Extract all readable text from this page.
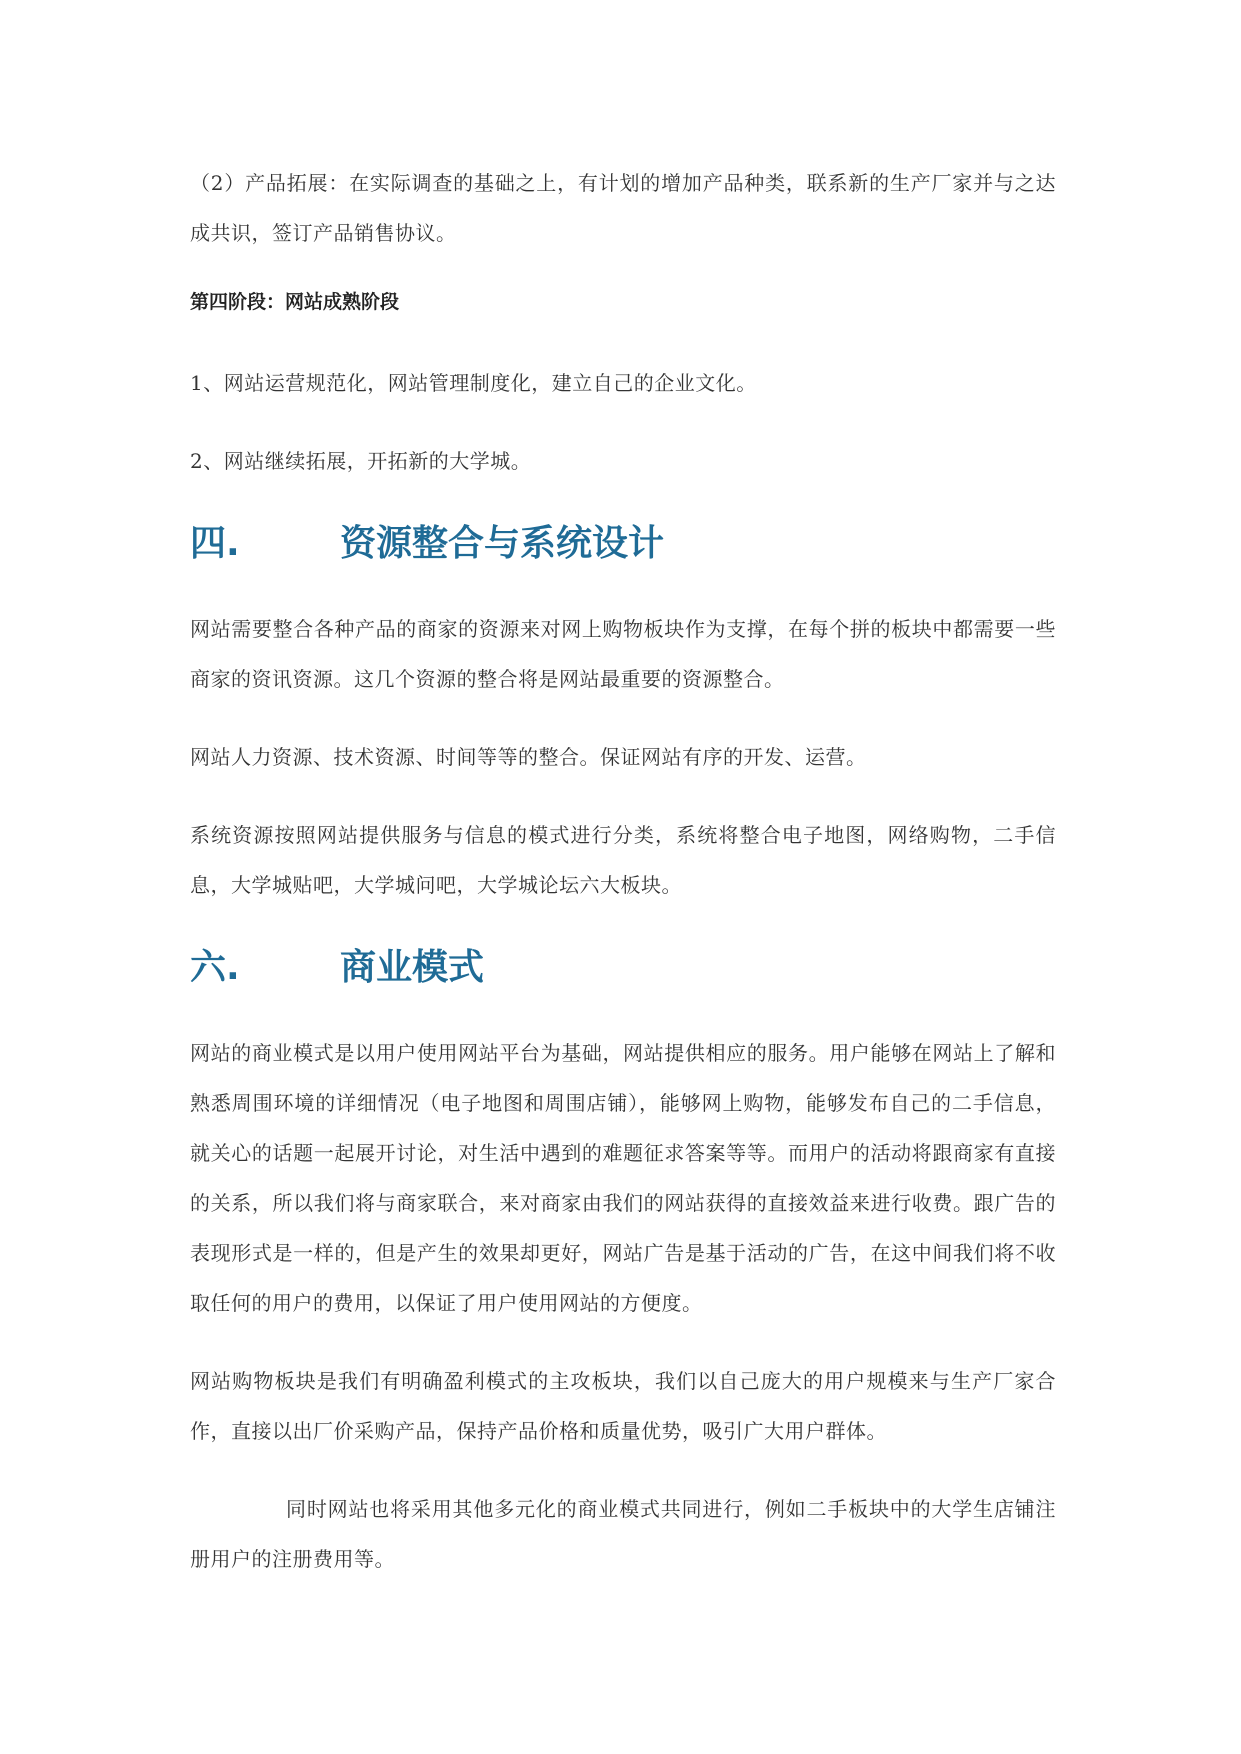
（2）产品拓展：在实际调查的基础之上，有计划的增加产品种类，联系新的生产厂家并与之达成共识，签订产品销售协议。

第四阶段：网站成熟阶段

1、网站运营规范化，网站管理制度化，建立自己的企业文化。

2、网站继续拓展，开拓新的大学城。

四.	资源整合与系统设计

网站需要整合各种产品的商家的资源来对网上购物板块作为支撑，在每个拼的板块中都需要一些商家的资讯资源。这几个资源的整合将是网站最重要的资源整合。

网站人力资源、技术资源、时间等等的整合。保证网站有序的开发、运营。

系统资源按照网站提供服务与信息的模式进行分类，系统将整合电子地图，网络购物，二手信息，大学城贴吧，大学城问吧，大学城论坛六大板块。

六.	商业模式

网站的商业模式是以用户使用网站平台为基础，网站提供相应的服务。用户能够在网站上了解和熟悉周围环境的详细情况（电子地图和周围店铺），能够网上购物，能够发布自己的二手信息，就关心的话题一起展开讨论，对生活中遇到的难题征求答案等等。而用户的活动将跟商家有直接的关系，所以我们将与商家联合，来对商家由我们的网站获得的直接效益来进行收费。跟广告的表现形式是一样的，但是产生的效果却更好，网站广告是基于活动的广告，在这中间我们将不收取任何的用户的费用，以保证了用户使用网站的方便度。

网站购物板块是我们有明确盈利模式的主攻板块，我们以自己庞大的用户规模来与生产厂家合作，直接以出厂价采购产品，保持产品价格和质量优势，吸引广大用户群体。

同时网站也将采用其他多元化的商业模式共同进行，例如二手板块中的大学生店铺注册用户的注册费用等。
